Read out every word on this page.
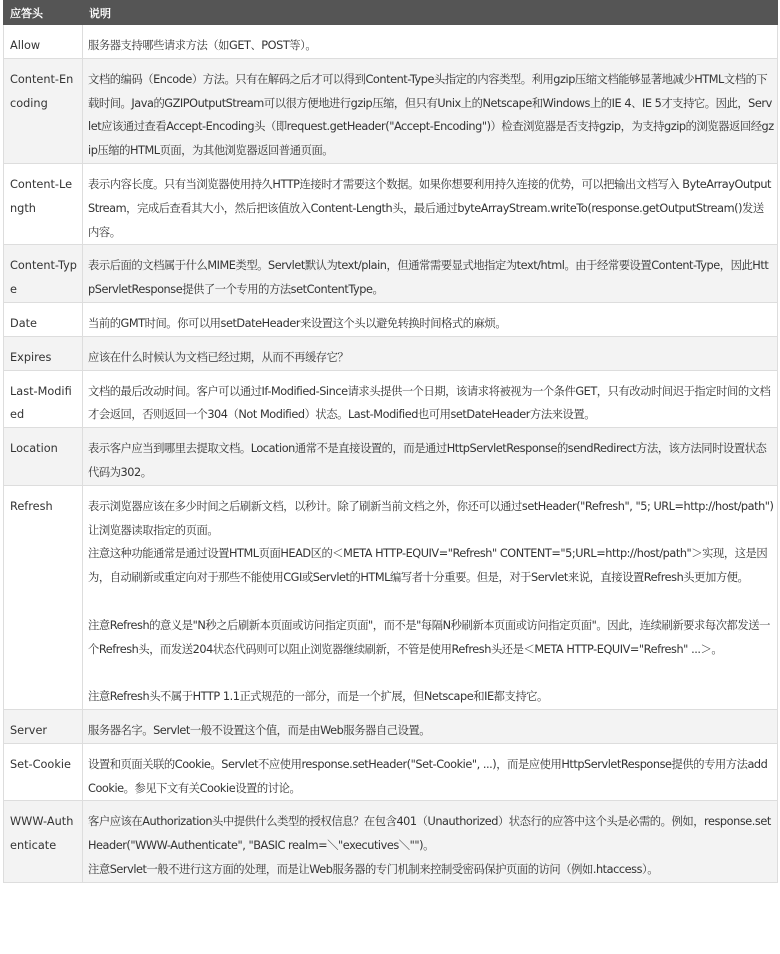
应答头	说明
Allow	服务器支持哪些请求方法（如GET、POST等）。

Content-Encoding	文档的编码（Encode）方法。只有在解码之后才可以得到Content-Type头指定的内容类型。利用gzip压缩文档能够显著地减少HTML文档的下载时间。Java的GZIPOutputStream可以很方便地进行gzip压缩，但只有Unix上的Netscape和Windows上的IE 4、IE 5才支持它。因此，Servlet应该通过查看Accept-Encoding头（即request.getHeader("Accept-Encoding")）检查浏览器是否支持gzip，为支持gzip的浏览器返回经gzip压缩的HTML页面，为其他浏览器返回普通页面。

Content-Length	表示内容长度。只有当浏览器使用持久HTTP连接时才需要这个数据。如果你想要利用持久连接的优势，可以把输出文档写入 ByteArrayOutputStream，完成后查看其大小，然后把该值放入Content-Length头，最后通过byteArrayStream.writeTo(response.getOutputStream()发送内容。

Content-Type	表示后面的文档属于什么MIME类型。Servlet默认为text/plain，但通常需要显式地指定为text/html。由于经常要设置Content-Type，因此HttpServletResponse提供了一个专用的方法setContentType。

Date	当前的GMT时间。你可以用setDateHeader来设置这个头以避免转换时间格式的麻烦。

Expires	应该在什么时候认为文档已经过期，从而不再缓存它？

Last-Modified	文档的最后改动时间。客户可以通过If-Modified-Since请求头提供一个日期，该请求将被视为一个条件GET，只有改动时间迟于指定时间的文档才会返回，否则返回一个304（Not Modified）状态。Last-Modified也可用setDateHeader方法来设置。

Location	表示客户应当到哪里去提取文档。Location通常不是直接设置的，而是通过HttpServletResponse的sendRedirect方法，该方法同时设置状态代码为302。

Refresh	表示浏览器应该在多少时间之后刷新文档，以秒计。除了刷新当前文档之外，你还可以通过setHeader("Refresh", "5; URL=http://host/path")让浏览器读取指定的页面。
注意这种功能通常是通过设置HTML页面HEAD区的＜META HTTP-EQUIV="Refresh" CONTENT="5;URL=http://host/path"＞实现，这是因为，自动刷新或重定向对于那些不能使用CGI或Servlet的HTML编写者十分重要。但是，对于Servlet来说，直接设置Refresh头更加方便。
注意Refresh的意义是"N秒之后刷新本页面或访问指定页面"，而不是"每隔N秒刷新本页面或访问指定页面"。因此，连续刷新要求每次都发送一个Refresh头，而发送204状态代码则可以阻止浏览器继续刷新，不管是使用Refresh头还是＜META HTTP-EQUIV="Refresh" ...＞。
注意Refresh头不属于HTTP 1.1正式规范的一部分，而是一个扩展，但Netscape和IE都支持它。

Server	服务器名字。Servlet一般不设置这个值，而是由Web服务器自己设置。

Set-Cookie	设置和页面关联的Cookie。Servlet不应使用response.setHeader("Set-Cookie", ...)，而是应使用HttpServletResponse提供的专用方法addCookie。参见下文有关Cookie设置的讨论。

WWW-Authenticate	客户应该在Authorization头中提供什么类型的授权信息？在包含401（Unauthorized）状态行的应答中这个头是必需的。例如，response.setHeader("WWW-Authenticate", "BASIC realm=＼"executives＼"")。
注意Servlet一般不进行这方面的处理，而是让Web服务器的专门机制来控制受密码保护页面的访问（例如.htaccess）。
